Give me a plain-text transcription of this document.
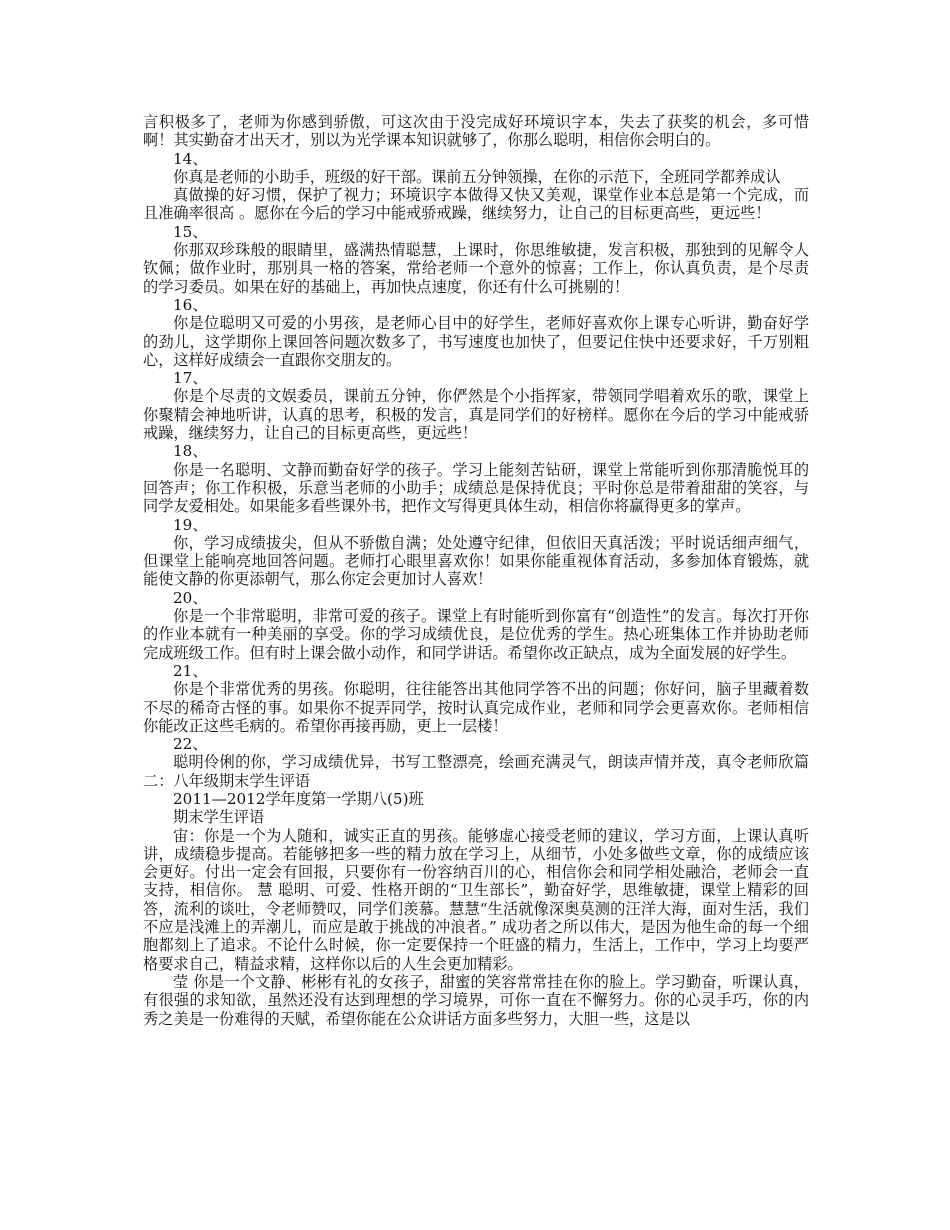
言积极多了，老师为你感到骄傲，可这次由于没完成好环境识字本，失去了获奖的机会，多可惜啊！其实勤奋才出天才，别以为光学课本知识就够了，你那么聪明，相信你会明白的。

14、

你真是老师的小助手，班级的好干部。课前五分钟领操，在你的示范下，全班同学都养成认

真做操的好习惯，保护了视力；环境识字本做得又快又美观，课堂作业本总是第一个完成，而且准确率很高 。愿你在今后的学习中能戒骄戒躁，继续努力，让自己的目标更高些，更远些！

15、

你那双珍珠般的眼睛里，盛满热情聪慧，上课时，你思维敏捷，发言积极，那独到的见解令人钦佩；做作业时，那别具一格的答案，常给老师一个意外的惊喜；工作上，你认真负责，是个尽责的学习委员。如果在好的基础上，再加快点速度，你还有什么可挑剔的！

16、

你是位聪明又可爱的小男孩，是老师心目中的好学生，老师好喜欢你上课专心听讲，勤奋好学的劲儿，这学期你上课回答问题次数多了，书写速度也加快了，但要记住快中还要求好，千万别粗心，这样好成绩会一直跟你交朋友的。

17、

你是个尽责的文娱委员，课前五分钟，你俨然是个小指挥家，带领同学唱着欢乐的歌，课堂上你聚精会神地听讲，认真的思考，积极的发言，真是同学们的好榜样。愿你在今后的学习中能戒骄戒躁，继续努力，让自己的目标更高些，更远些！

18、

你是一名聪明、文静而勤奋好学的孩子。学习上能刻苦钻研，课堂上常能听到你那清脆悦耳的回答声；你工作积极，乐意当老师的小助手；成绩总是保持优良；平时你总是带着甜甜的笑容，与同学友爱相处。如果能多看些课外书，把作文写得更具体生动，相信你将赢得更多的掌声。

19、

你，学习成绩拔尖，但从不骄傲自满；处处遵守纪律，但依旧天真活泼；平时说话细声细气，但课堂上能响亮地回答问题。老师打心眼里喜欢你！如果你能重视体育活动，多参加体育锻炼，就能使文静的你更添朝气，那么你定会更加讨人喜欢！

20、

你是一个非常聪明，非常可爱的孩子。课堂上有时能听到你富有“创造性”的发言。每次打开你的作业本就有一种美丽的享受。你的学习成绩优良，是位优秀的学生。热心班集体工作并协助老师完成班级工作。但有时上课会做小动作，和同学讲话。希望你改正缺点，成为全面发展的好学生。

21、

你是个非常优秀的男孩。你聪明，往往能答出其他同学答不出的问题；你好问，脑子里藏着数不尽的稀奇古怪的事。如果你不捉弄同学，按时认真完成作业，老师和同学会更喜欢你。老师相信你能改正这些毛病的。希望你再接再励，更上一层楼！

22、

聪明伶俐的你，学习成绩优异，书写工整漂亮，绘画充满灵气，朗读声情并茂，真令老师欣篇二：八年级期末学生评语

2011—2012学年度第一学期八(5)班

期末学生评语

宙：你是一个为人随和，诚实正直的男孩。能够虚心接受老师的建议，学习方面，上课认真听讲，成绩稳步提高。若能够把多一些的精力放在学习上，从细节，小处多做些文章，你的成绩应该会更好。付出一定会有回报，只要你有一份容纳百川的心，相信你会和同学相处融洽，老师会一直支持，相信你。 慧 聪明、可爱、性格开朗的“卫生部长”，勤奋好学，思维敏捷，课堂上精彩的回答，流利的谈吐，令老师赞叹，同学们羡慕。慧慧“生活就像深奥莫测的汪洋大海，面对生活，我们不应是浅滩上的弄潮儿，而应是敢于挑战的冲浪者。” 成功者之所以伟大，是因为他生命的每一个细胞都刻上了追求。不论什么时候，你一定要保持一个旺盛的精力，生活上，工作中，学习上均要严格要求自己，精益求精，这样你以后的人生会更加精彩。

莹 你是一个文静、彬彬有礼的女孩子，甜蜜的笑容常常挂在你的脸上。学习勤奋，听课认真，有很强的求知欲，虽然还没有达到理想的学习境界，可你一直在不懈努力。你的心灵手巧，你的内秀之美是一份难得的天赋，希望你能在公众讲话方面多些努力，大胆一些，这是以
